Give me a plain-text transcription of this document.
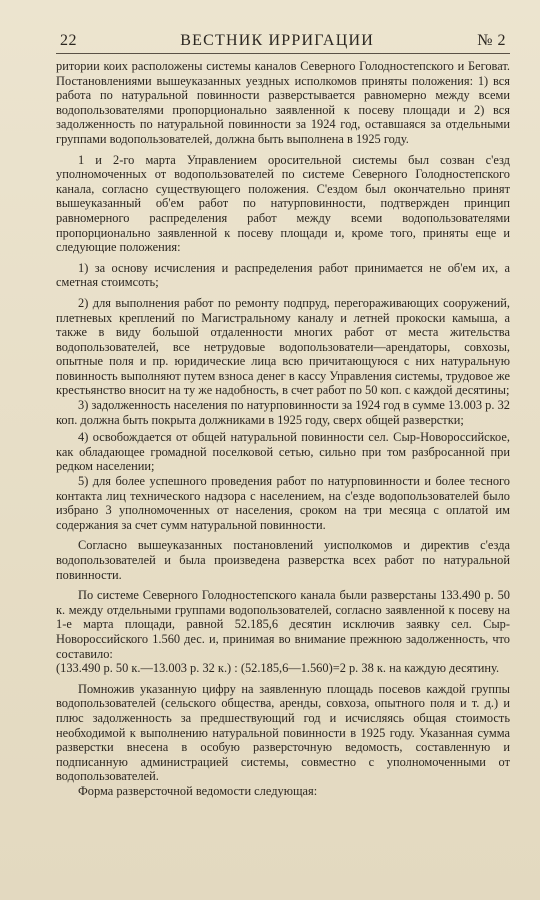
22	ВЕСТНИК ИРРИГАЦИИ	№ 2

ритории коих расположены системы каналов Северного Голодностепского и Беговат. Постановлениями вышеуказанных уездных исполкомов приняты положения: 1) вся работа по натуральной повинности разверстывается равномерно между всеми водопользователями пропорционально заявленной к посеву площади и 2) вся задолженность по натуральной повинности за 1924 год, оставшаяся за отдельными группами водопользователей, должна быть выполнена в 1925 году.

1 и 2-го марта Управлением оросительной системы был созван с'езд уполномоченных от водопользователей по системе Северного Голодностепского канала, согласно существующего положения. С'ездом был окончательно принят вышеуказанный об'ем работ по натурповинности, подтвержден принцип равномерного распределения работ между всеми водопользователями пропорционально заявленной к посеву площади и, кроме того, приняты еще и следующие положения:

1) за основу исчисления и распределения работ принимается не об'ем их, а сметная стоимсоть;

2) для выполнения работ по ремонту подпруд, перегораживающих сооружений, плетневых креплений по Магистральному каналу и летней прокоски камыша, а также в виду большой отдаленности многих работ от места жительства водопользователей, все нетрудовые водопользователи—арендаторы, совхозы, опытные поля и пр. юридические лица всю причитающуюся с них натуральную повинность выполняют путем взноса денег в кассу Управления системы, трудовое же крестьянство вносит на ту же надобность, в счет работ по 50 коп. с каждой десятины;

3) задолженность населения по натурповинности за 1924 год в сумме 13.003 р. 32 коп. должна быть покрыта должниками в 1925 году, сверх общей разверстки;

4) освобождается от общей натуральной повинности сел. Сыр-Новороссийское, как обладающее громадной поселковой сетью, сильно при том разбросанной при редком населении;

5) для более успешного проведения работ по натурповинности и более тесного контакта лиц технического надзора с населением, на с'езде водопользователей было избрано 3 уполномоченных от населения, сроком на три месяца с оплатой им содержания за счет сумм натуральной повинности.

Согласно вышеуказанных постановлений уисполкомов и директив с'езда водопользователей и была произведена разверстка всех работ по натуральной повинности.

По системе Северного Голодностепского канала были разверстаны 133.490 р. 50 к. между отдельными группами водопользователей, согласно заявленной к посеву на 1-е марта площади, равной 52.185,6 десятин исключив заявку сел. Сыр-Новороссийского 1.560 дес. и, принимая во внимание прежнюю задолженность, что составило:

(133.490 р. 50 к.—13.003 р. 32 к.) : (52.185,6—1.560)=2 р. 38 к. на каждую десятину.

Помножив указанную цифру на заявленную площадь посевов каждой группы водопользователей (сельского общества, аренды, совхоза, опытного поля и т. д.) и плюс задолженность за предшествующий год и исчисляясь общая стоимость необходимой к выполнению натуральной повинности в 1925 году. Указанная сумма разверстки внесена в особую разверсточную ведомость, составленную и подписанную администрацией системы, совместно с уполномоченными от водопользователей.

Форма разверсточной ведомости следующая:
